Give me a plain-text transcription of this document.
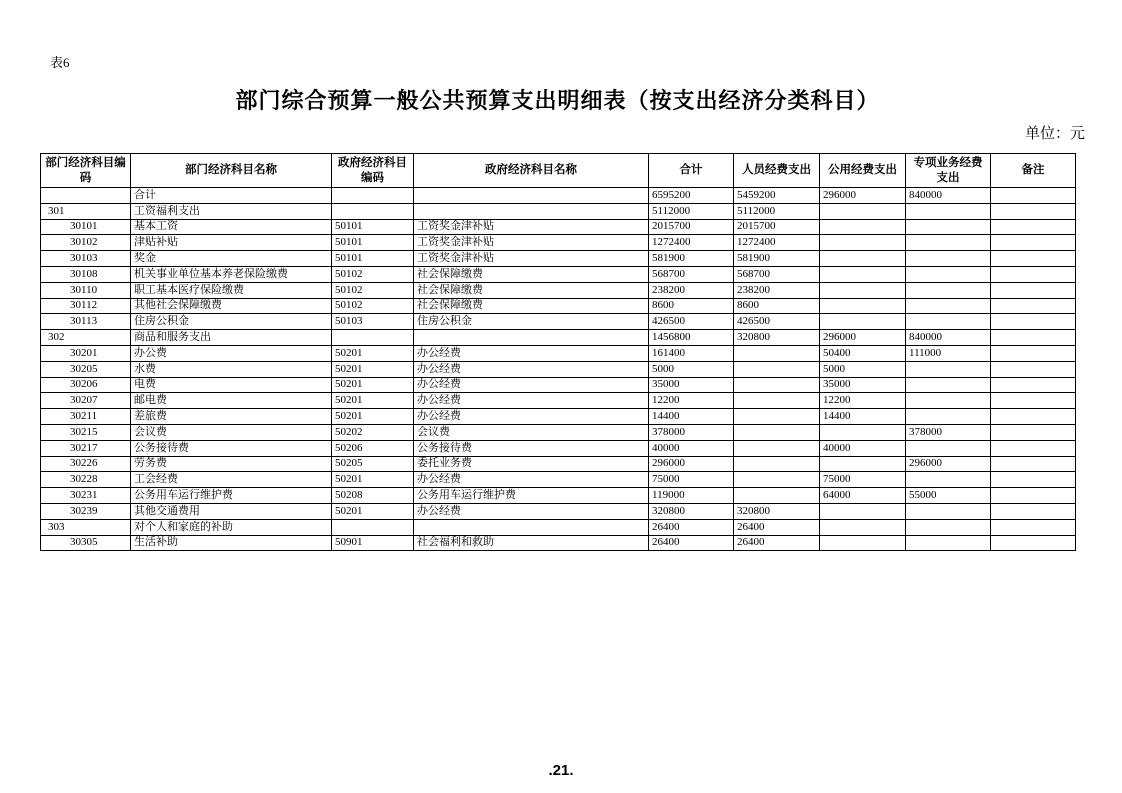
表6
部门综合预算一般公共预算支出明细表（按支出经济分类科目）
单位：元
部门经济科目编码	部门经济科目名称	政府经济科目编码	政府经济科目名称	合计	人员经费支出	公用经费支出	专项业务经费支出	备注
	合计			6595200	5459200	296000	840000	
301	工资福利支出			5112000	5112000			
30101	基本工资	50101	工资奖金津补贴	2015700	2015700			
30102	津贴补贴	50101	工资奖金津补贴	1272400	1272400			
30103	奖金	50101	工资奖金津补贴	581900	581900			
30108	机关事业单位基本养老保险缴费	50102	社会保障缴费	568700	568700			
30110	职工基本医疗保险缴费	50102	社会保障缴费	238200	238200			
30112	其他社会保障缴费	50102	社会保障缴费	8600	8600			
30113	住房公积金	50103	住房公积金	426500	426500			
302	商品和服务支出			1456800	320800	296000	840000	
30201	办公费	50201	办公经费	161400		50400	111000	
30205	水费	50201	办公经费	5000		5000		
30206	电费	50201	办公经费	35000		35000		
30207	邮电费	50201	办公经费	12200		12200		
30211	差旅费	50201	办公经费	14400		14400		
30215	会议费	50202	会议费	378000			378000	
30217	公务接待费	50206	公务接待费	40000		40000		
30226	劳务费	50205	委托业务费	296000			296000	
30228	工会经费	50201	办公经费	75000		75000		
30231	公务用车运行维护费	50208	公务用车运行维护费	119000		64000	55000	
30239	其他交通费用	50201	办公经费	320800	320800			
303	对个人和家庭的补助			26400	26400			
30305	生活补助	50901	社会福利和救助	26400	26400			
.21.
